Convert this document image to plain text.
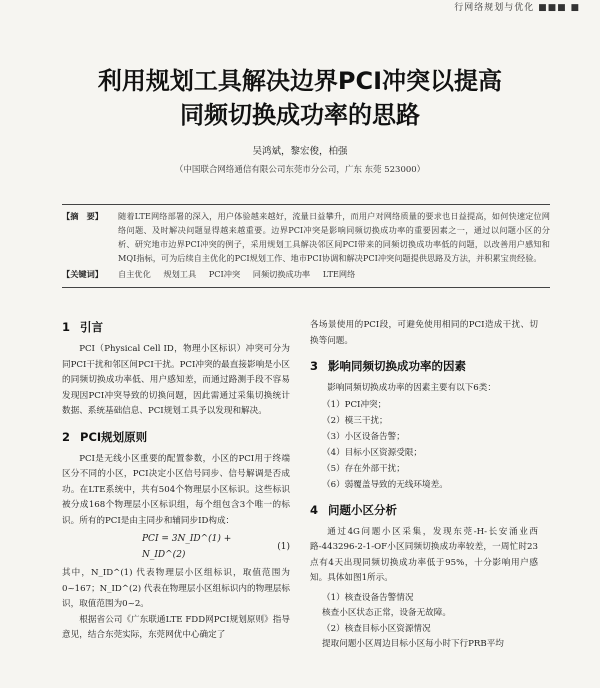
行网络规划与优化 ■■■ ■
利用规划工具解决边界PCI冲突以提高
同频切换成功率的思路
吴鸿斌，黎宏俊，柏强
（中国联合网络通信有限公司东莞市分公司，广东 东莞 523000）
【摘　要】	随着LTE网络部署的深入，用户体验越来越好，流量日益攀升，而用户对网络质量的要求也日益提高，如何快速定位网络问题、及时解决问题显得越来越重要。边界PCI冲突是影响同频切换成功率的重要因素之一，通过以问题小区的分析、研究地市边界PCI冲突的例子，采用规划工具解决邻区间PCI带来的同频切换成功率低的问题，以改善用户感知和MQI指标，可为后续自主优化的PCI规划工作、地市PCI协调和解决PCI冲突问题提供思路及方法，并积累宝贵经验。
【关键词】	自主优化 规划工具 PCI冲突 同频切换成功率 LTE网络
1 引言

PCI（Physical Cell ID，物理小区标识）冲突可分为同PCI干扰和邻区间PCI干扰。PCI冲突的最直接影响是小区的同频切换成功率低、用户感知差，而通过路测手段不容易发现因PCI冲突导致的切换问题，因此需通过采集切换统计数据、系统基础信息、PCI规划工具予以发现和解决。

2 PCI规划原则

PCI是无线小区重要的配置参数，小区的PCI用于终端区分不同的小区，PCI决定小区信号同步、信号解调是否成功。在LTE系统中，共有504个物理层小区标识。这些标识被分成168个物理层小区标识组，每个组包含3个唯一的标识。所有的PCI是由主同步和辅同步ID构成：

PCI = 3N_ID^(1) + N_ID^(2)
(1)

其中，N_ID^(1) 代表物理层小区组标识，取值范围为0~167；N_ID^(2) 代表在物理层小区组标识内的物理层标识，取值范围为0~2。

根据省公司《广东联通LTE FDD网PCI规划原则》指导意见，结合东莞实际，东莞网优中心确定了

各场景使用的PCI段，可避免使用相同的PCI造成干扰、切换等问题。

3 影响同频切换成功率的因素

影响同频切换成功率的因素主要有以下6类：

（1）PCI冲突；

（2）模三干扰；

（3）小区设备告警；

（4）目标小区资源受限；

（5）存在外部干扰；

（6）弱覆盖导致的无线环境差。

4 问题小区分析

通过4G问题小区采集，发现东莞-H-长安涌业西路-443296-2-1-OF小区同频切换成功率较差，一周忙时23点有4天出现同频切换成功率低于95%，十分影响用户感知。具体如图1所示。

（1）核查设备告警情况

核查小区状态正常，设备无故障。

（2）核查目标小区资源情况

提取问题小区周边目标小区每小时下行PRB平均
